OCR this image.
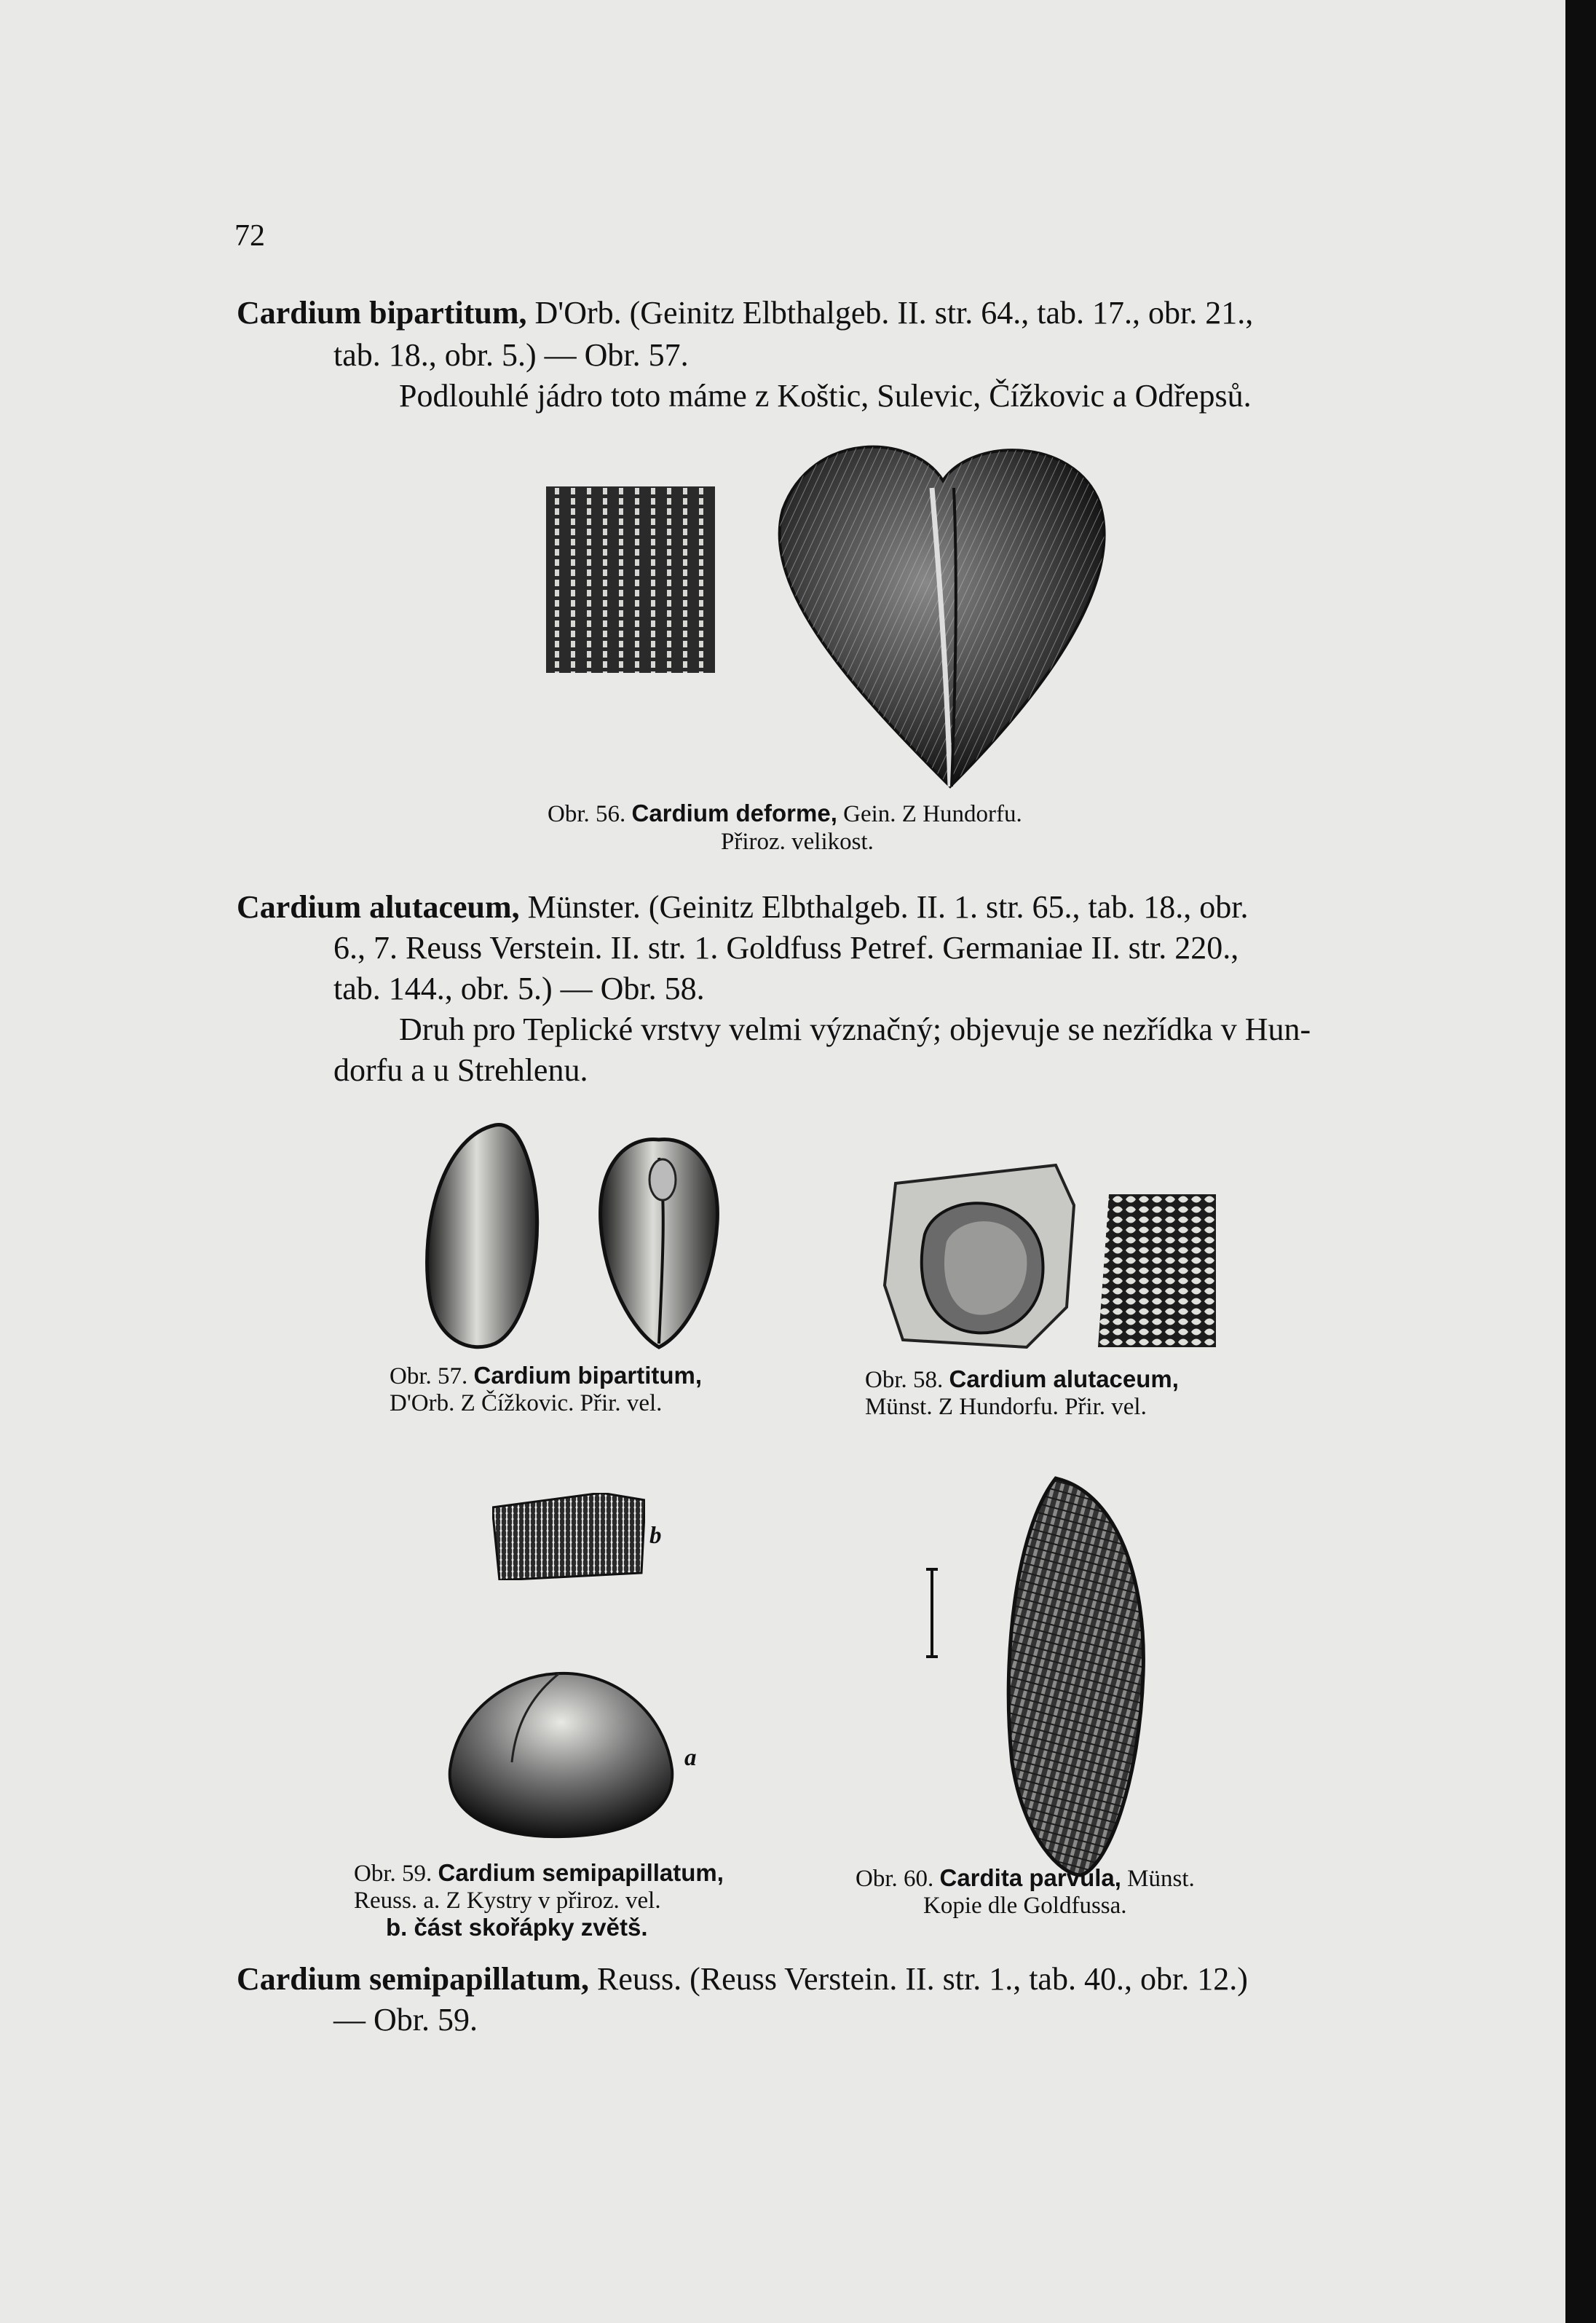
72
Cardium bipartitum, D'Orb. (Geinitz Elbthalgeb. II. str. 64., tab. 17., obr. 21.,
tab. 18., obr. 5.) — Obr. 57.
Podlouhlé jádro toto máme z Koštic, Sulevic, Čížkovic a Odřepsů.
Obr. 56. Cardium deforme, Gein. Z Hundorfu.
Přiroz. velikost.
Cardium alutaceum, Münster. (Geinitz Elbthalgeb. II. 1. str. 65., tab. 18., obr.
6., 7. Reuss Verstein. II. str. 1. Goldfuss Petref. Germaniae II. str. 220.,
tab. 144., obr. 5.) — Obr. 58.
Druh pro Teplické vrstvy velmi význačný; objevuje se nezřídka v Hun-
dorfu a u Strehlenu.
Obr. 57. Cardium bipartitum,
D'Orb. Z Čížkovic. Přir. vel.
Obr. 58. Cardium alutaceum,
Münst. Z Hundorfu. Přir. vel.
b
a
Obr. 59. Cardium semipapillatum,
Reuss. a. Z Kystry v přiroz. vel.
b. část skořápky zvětš.
Obr. 60. Cardita parvula, Münst.
Kopie dle Goldfussa.
Cardium semipapillatum, Reuss. (Reuss Verstein. II. str. 1., tab. 40., obr. 12.)
— Obr. 59.
